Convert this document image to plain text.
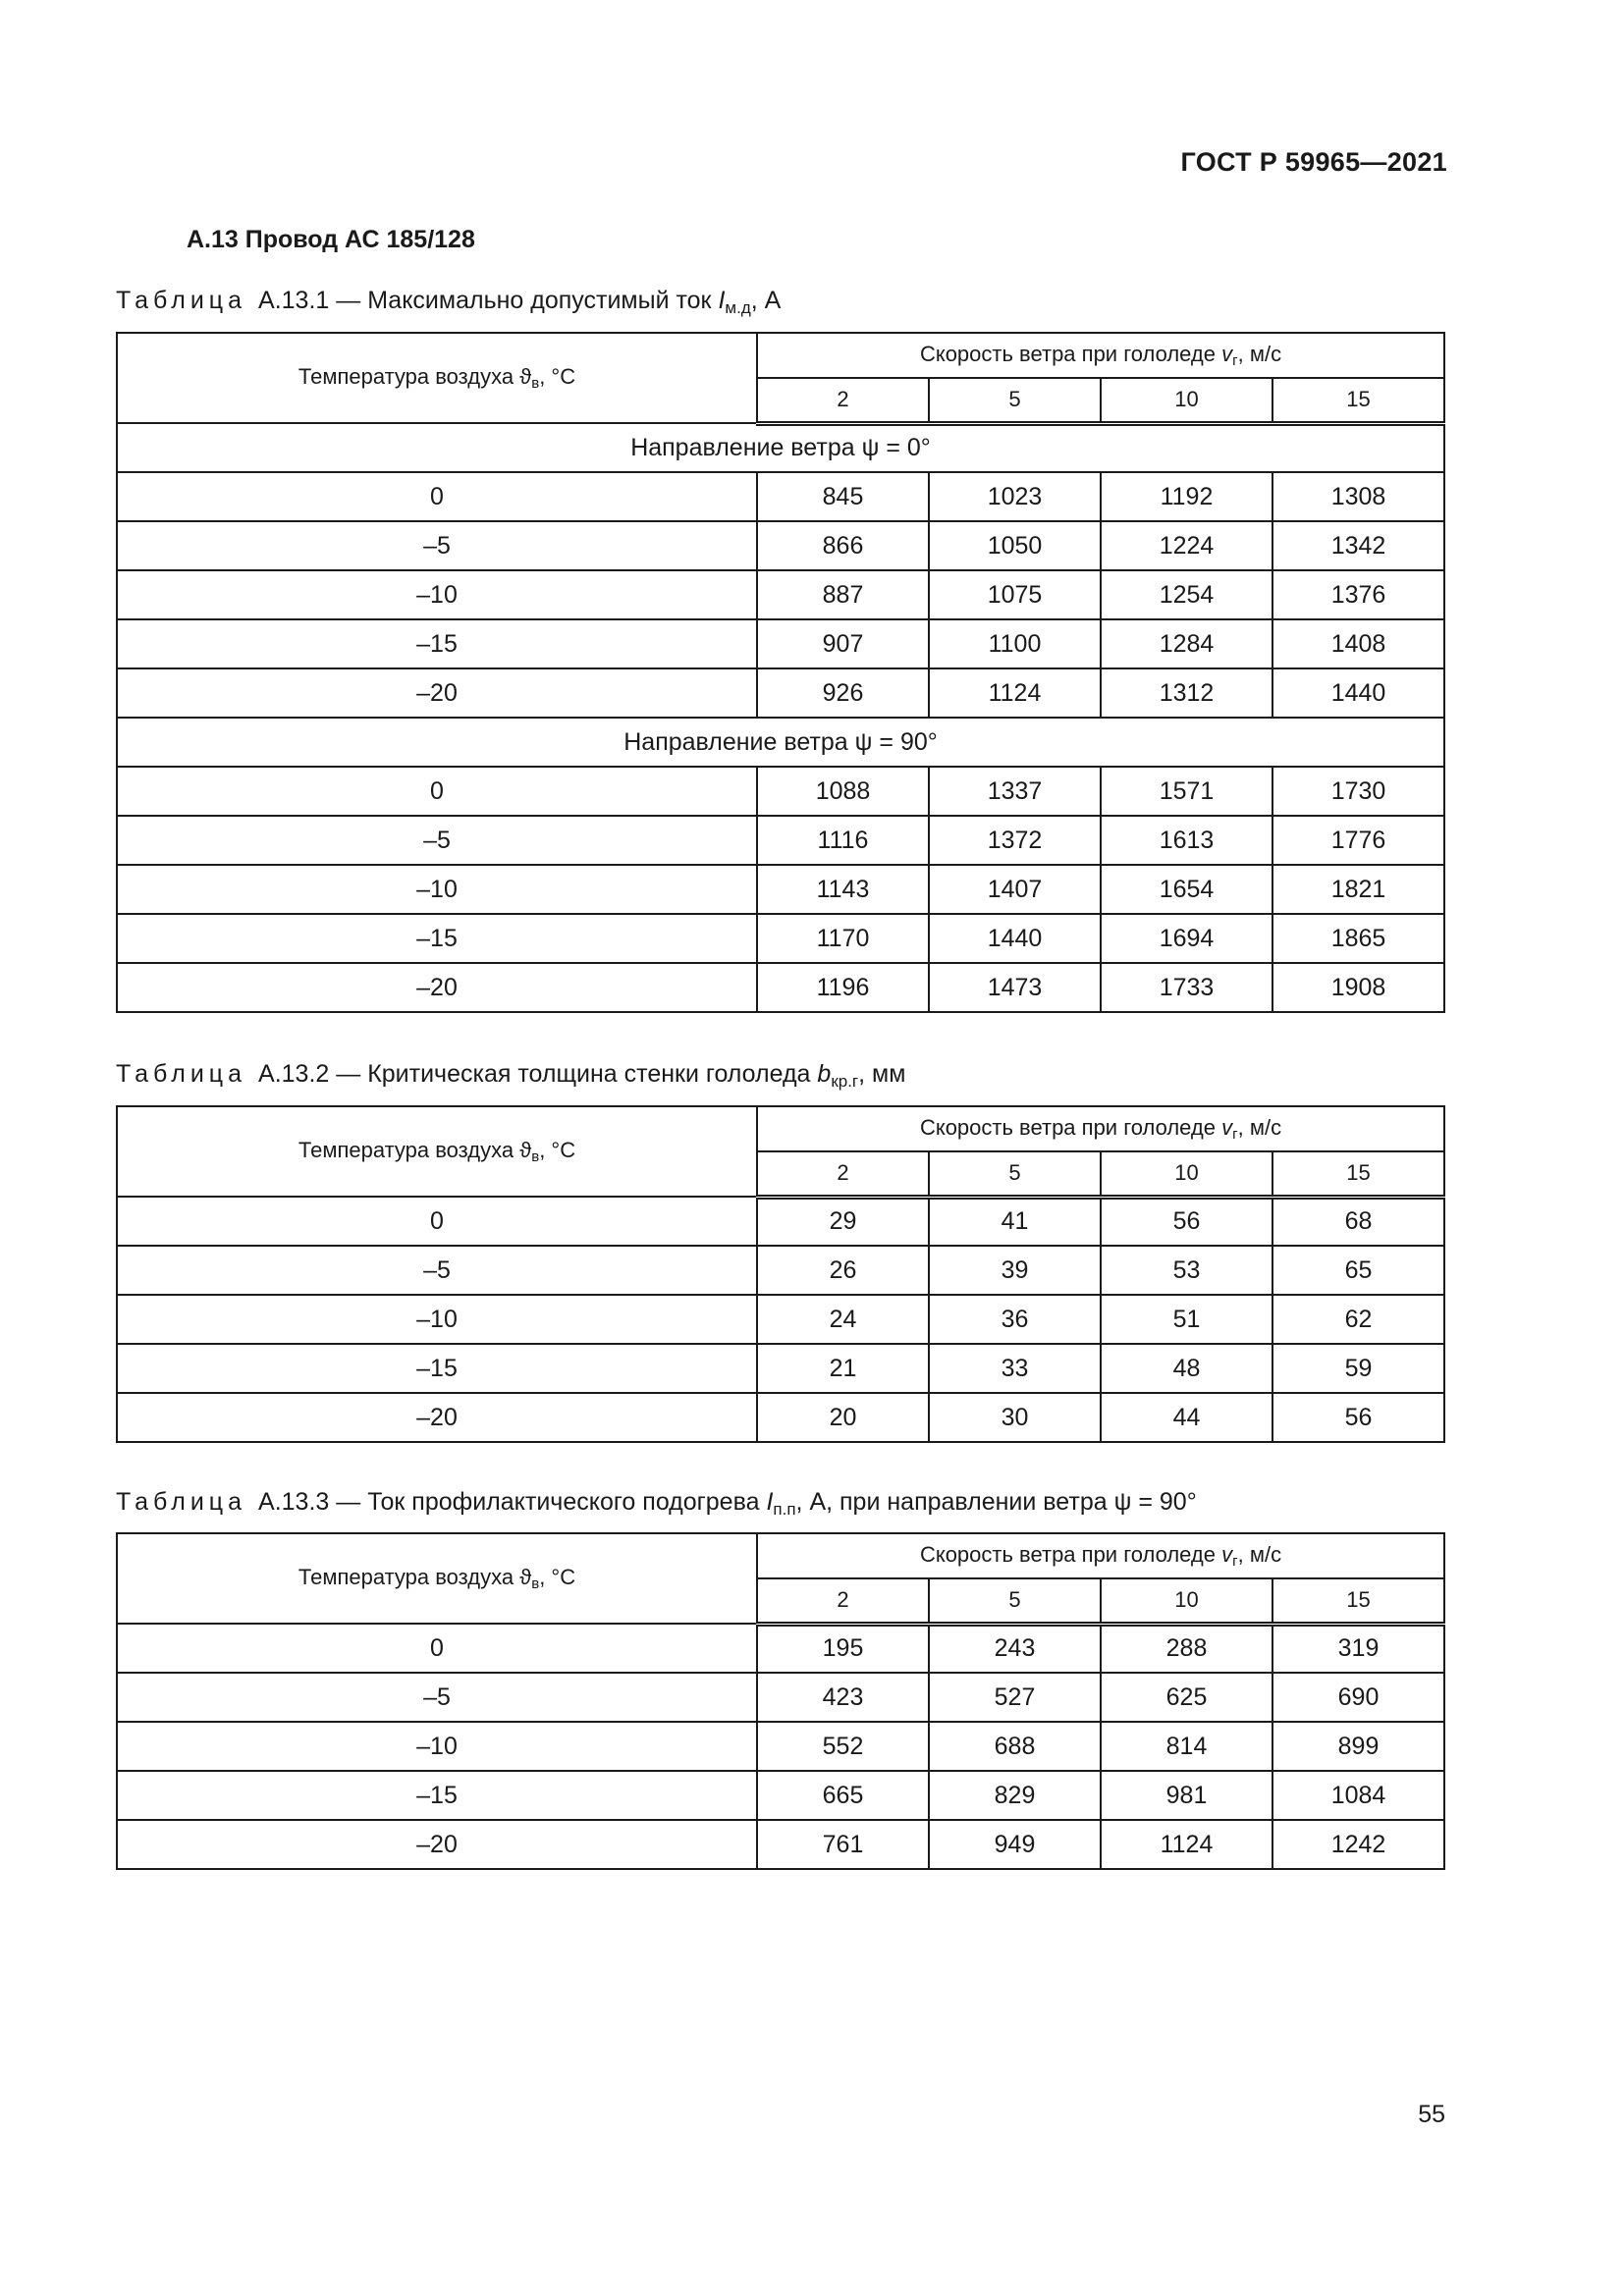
ГОСТ Р 59965—2021
А.13 Провод АС 185/128
Таблица А.13.1 — Максимально допустимый ток $I_{м.д}$, А
Температура воздуха $ϑ_в$, °С	Скорость ветра при гололеде $v_г$, м/с			
	2	5	10	15
Направление ветра ψ = 0°				
0	845	1023	1192	1308
–5	866	1050	1224	1342
–10	887	1075	1254	1376
–15	907	1100	1284	1408
–20	926	1124	1312	1440
Направление ветра ψ = 90°				
0	1088	1337	1571	1730
–5	1116	1372	1613	1776
–10	1143	1407	1654	1821
–15	1170	1440	1694	1865
–20	1196	1473	1733	1908
Таблица А.13.2 — Критическая толщина стенки гололеда $b_{кр.г}$, мм
Температура воздуха $ϑ_в$, °С	Скорость ветра при гололеде $v_г$, м/с			
	2	5	10	15
0	29	41	56	68
–5	26	39	53	65
–10	24	36	51	62
–15	21	33	48	59
–20	20	30	44	56
Таблица А.13.3 — Ток профилактического подогрева $I_{п.п}$, А, при направлении ветра ψ = 90°
Температура воздуха $ϑ_в$, °С	Скорость ветра при гололеде $v_г$, м/с			
	2	5	10	15
0	195	243	288	319
–5	423	527	625	690
–10	552	688	814	899
–15	665	829	981	1084
–20	761	949	1124	1242
55
